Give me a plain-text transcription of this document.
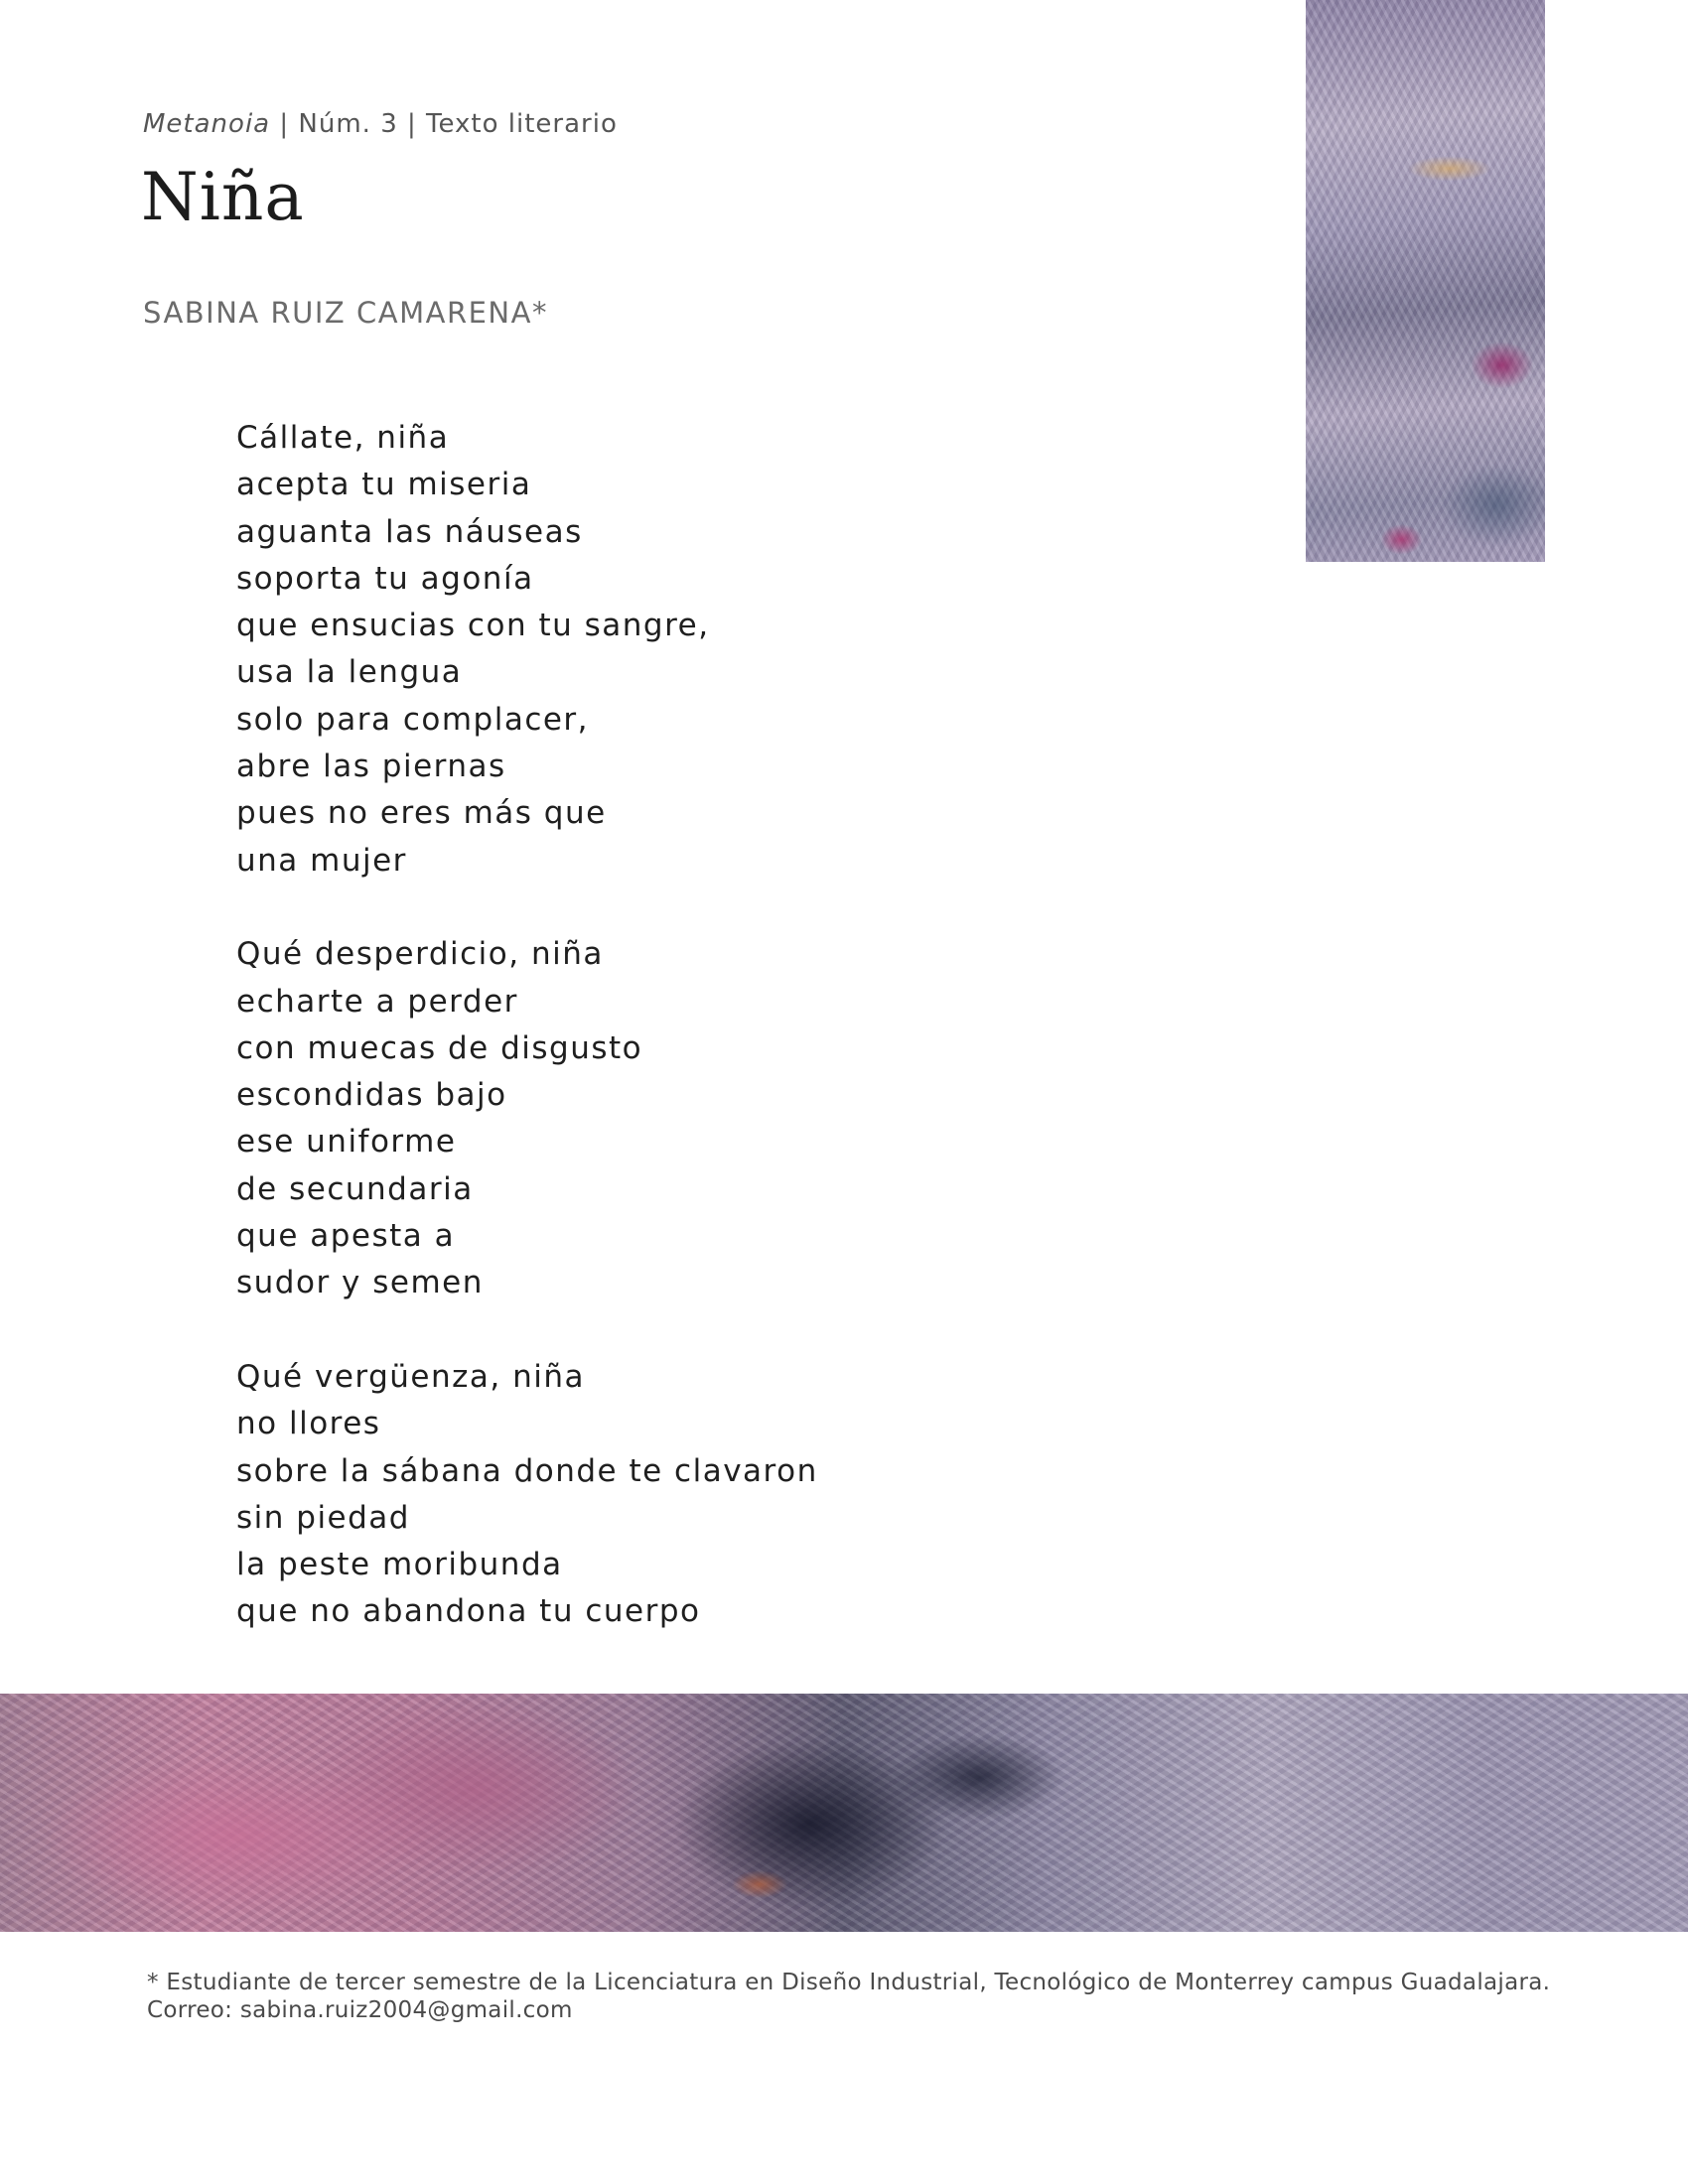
Metanoia | Núm. 3 | Texto literario
Niña
SABINA RUIZ CAMARENA*
Cállate, niña
acepta tu miseria
aguanta las náuseas
soporta tu agonía
que ensucias con tu sangre,
usa la lengua
solo para complacer,
abre las piernas
pues no eres más que
una mujer
Qué desperdicio, niña
echarte a perder
con muecas de disgusto
escondidas bajo
ese uniforme
de secundaria
que apesta a
sudor y semen
Qué vergüenza, niña
no llores
sobre la sábana donde te clavaron
sin piedad
la peste moribunda
que no abandona tu cuerpo
* Estudiante de tercer semestre de la Licenciatura en Diseño Industrial, Tecnológico de Monterrey campus Guadalajara.
Correo: sabina.ruiz2004@gmail.com
